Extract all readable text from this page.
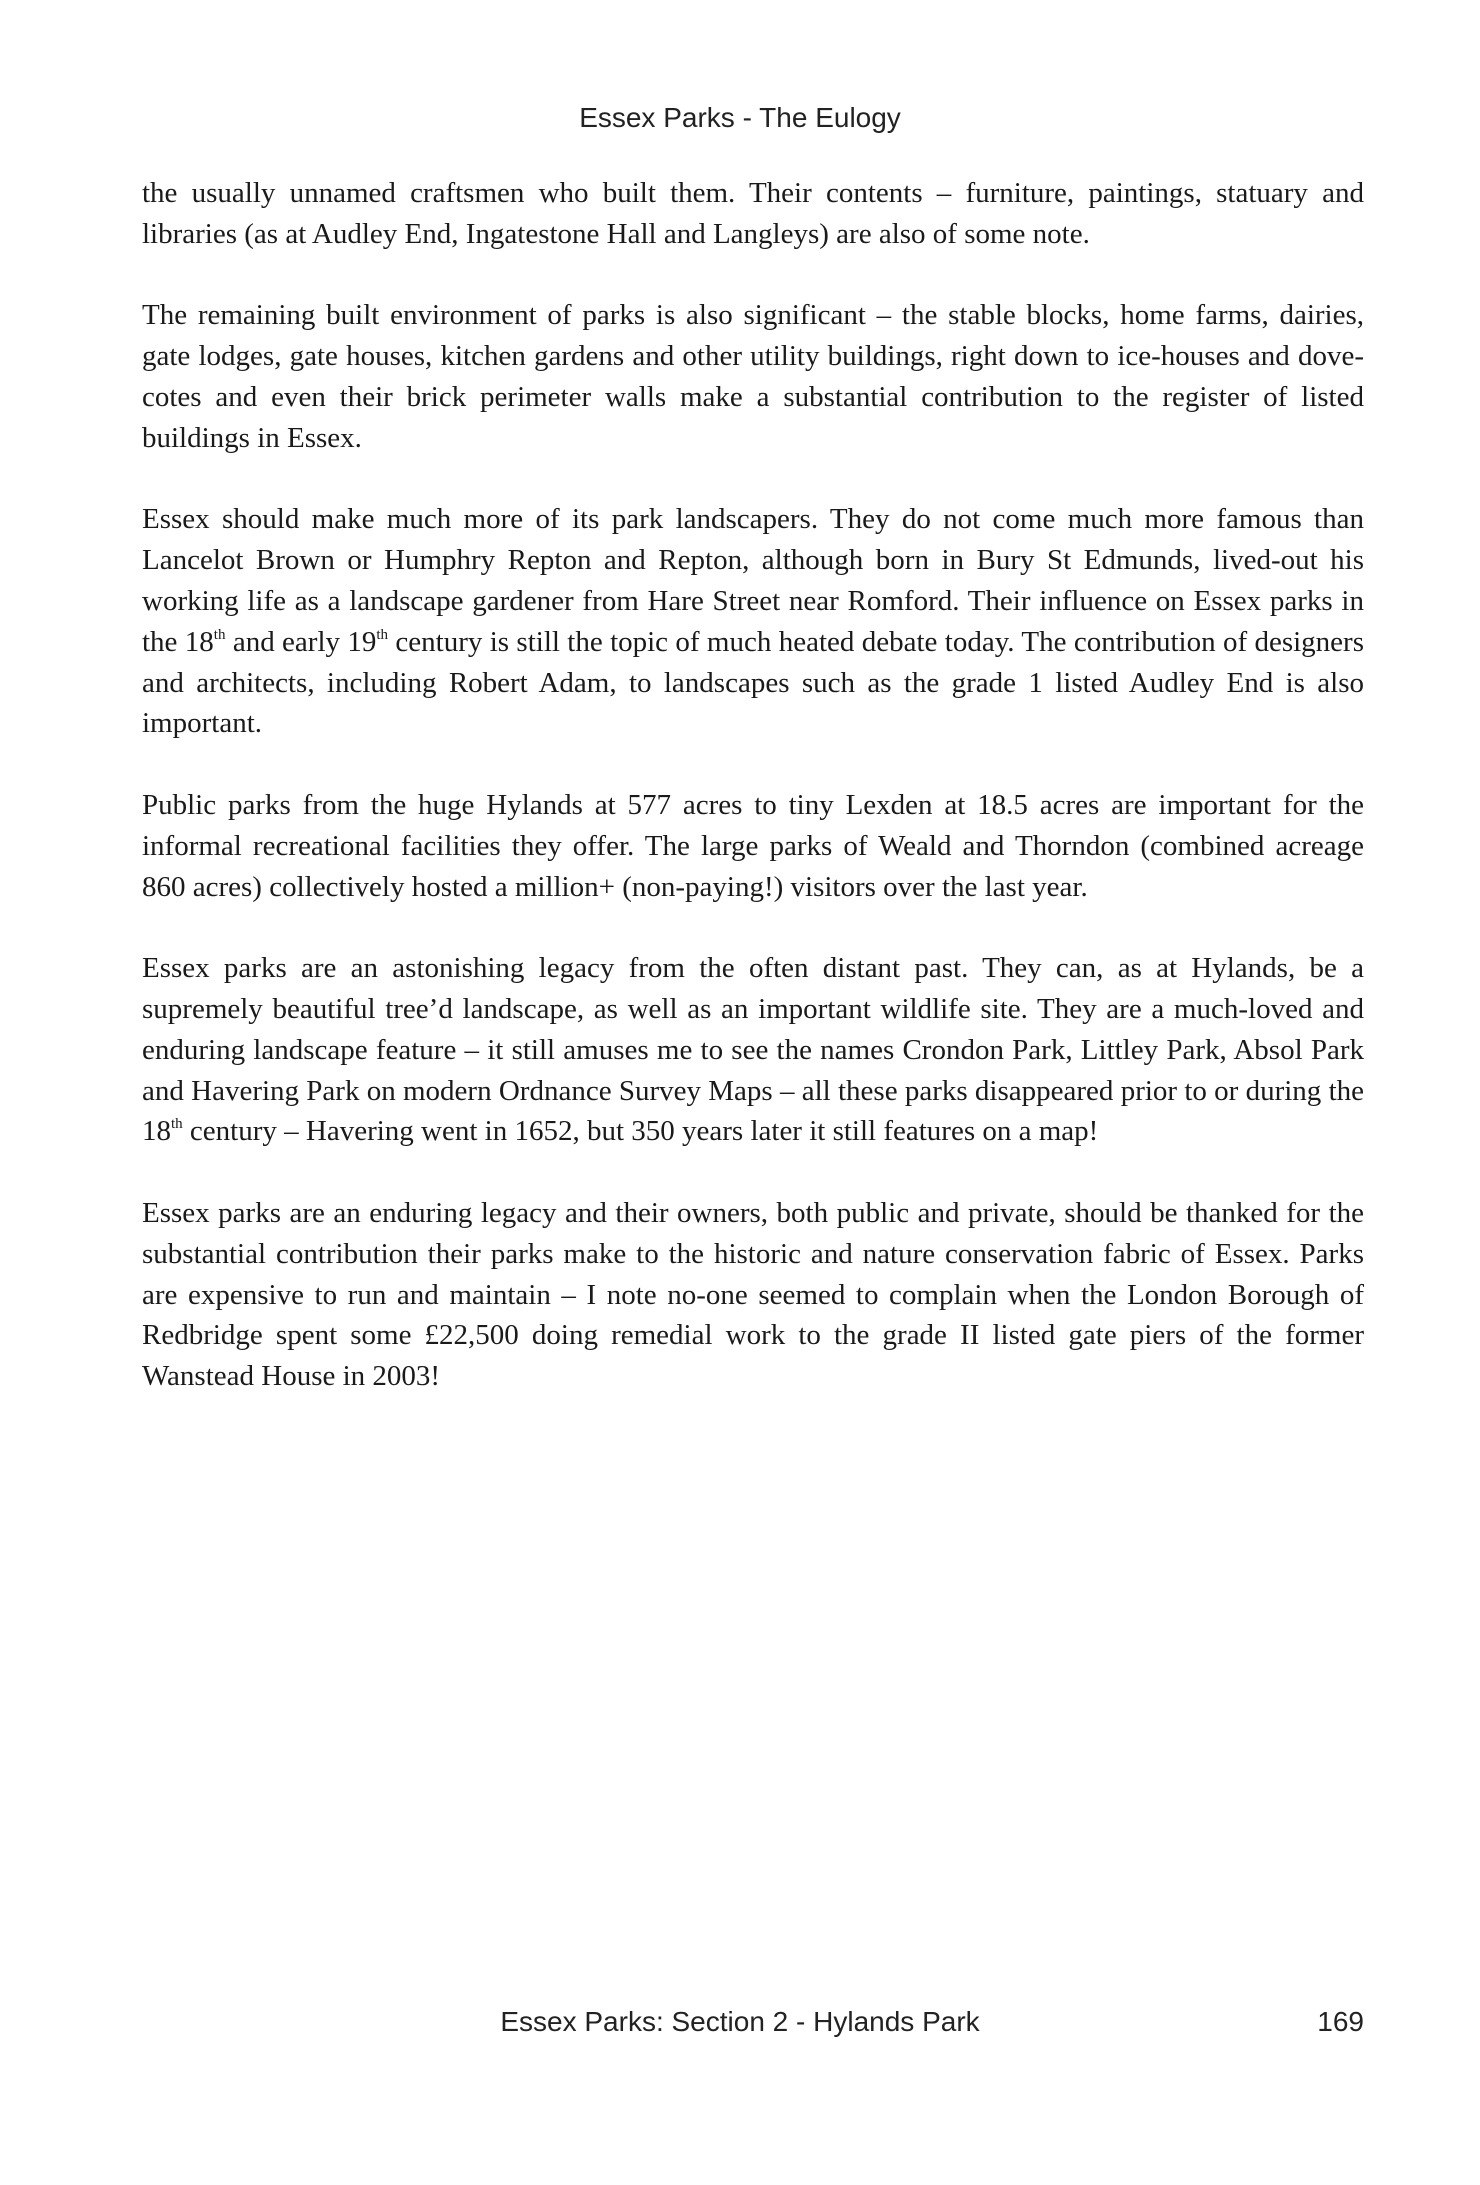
Essex Parks - The Eulogy

the usually unnamed craftsmen who built them. Their contents – furniture, paintings, statuary and libraries (as at Audley End, Ingatestone Hall and Langleys) are also of some note.

The remaining built environment of parks is also significant – the stable blocks, home farms, dairies, gate lodges, gate houses, kitchen gardens and other utility buildings, right down to ice-houses and dove-cotes and even their brick perimeter walls make a substantial contribution to the register of listed buildings in Essex.

Essex should make much more of its park landscapers. They do not come much more famous than Lancelot Brown or Humphry Repton and Repton, although born in Bury St Edmunds, lived-out his working life as a landscape gardener from Hare Street near Romford. Their influence on Essex parks in the 18th and early 19th century is still the topic of much heated debate today. The contribution of designers and architects, including Robert Adam, to landscapes such as the grade 1 listed Audley End is also important.

Public parks from the huge Hylands at 577 acres to tiny Lexden at 18.5 acres are important for the informal recreational facilities they offer. The large parks of Weald and Thorndon (combined acreage 860 acres) collectively hosted a million+ (non-paying!) visitors over the last year.

Essex parks are an astonishing legacy from the often distant past. They can, as at Hylands, be a supremely beautiful tree’d landscape, as well as an important wildlife site. They are a much-loved and enduring landscape feature – it still amuses me to see the names Crondon Park, Littley Park, Absol Park and Havering Park on modern Ordnance Survey Maps – all these parks disappeared prior to or during the 18th century – Havering went in 1652, but 350 years later it still features on a map!

Essex parks are an enduring legacy and their owners, both public and private, should be thanked for the substantial contribution their parks make to the historic and nature conservation fabric of Essex. Parks are expensive to run and maintain – I note no-one seemed to complain when the London Borough of Redbridge spent some £22,500 doing remedial work to the grade II listed gate piers of the former Wanstead House in 2003!

Essex Parks: Section 2 - Hylands Park	169
